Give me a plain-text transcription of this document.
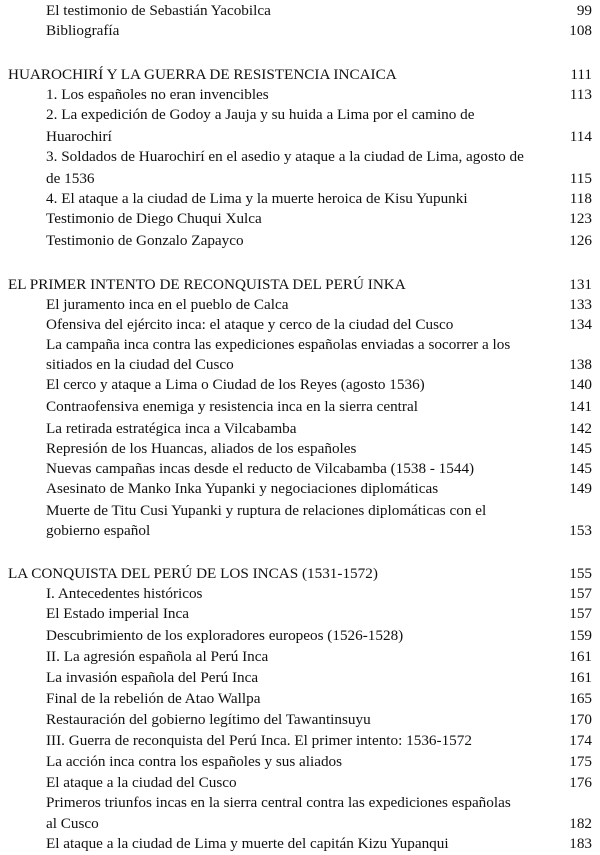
El testimonio de Sebastián Yacobilca	99
Bibliografía	108
HUAROCHIRÍ Y LA GUERRA DE RESISTENCIA INCAICA	111
1. Los españoles no eran invencibles	113
2. La expedición de Godoy a Jauja y su huida a Lima por el camino de
Huarochirí	114
3. Soldados de Huarochirí en el asedio y ataque a la ciudad de Lima, agosto de
de 1536	115
4. El ataque a la ciudad de Lima y la muerte heroica de Kisu Yupunki	118
Testimonio de Diego Chuqui Xulca	123
Testimonio de Gonzalo Zapayco	126
EL PRIMER INTENTO DE RECONQUISTA DEL PERÚ INKA	131
El juramento inca en el pueblo de Calca	133
Ofensiva del ejército inca: el ataque y cerco de la ciudad del Cusco	134
La campaña inca contra las expediciones españolas enviadas a socorrer a los
sitiados en la ciudad del Cusco	138
El cerco y ataque a Lima o Ciudad de los Reyes (agosto 1536)	140
Contraofensiva enemiga y resistencia inca en la sierra central	141
La retirada estratégica inca a Vilcabamba	142
Represión de los Huancas, aliados de los españoles	145
Nuevas campañas incas desde el reducto de Vilcabamba (1538 - 1544)	145
Asesinato de Manko Inka Yupanki y negociaciones diplomáticas	149
Muerte de Titu Cusi Yupanki y ruptura de relaciones diplomáticas con el
gobierno español	153
LA CONQUISTA DEL PERÚ DE LOS INCAS (1531-1572)	155
I. Antecedentes históricos	157
El Estado imperial Inca	157
Descubrimiento de los exploradores europeos (1526-1528)	159
II. La agresión española al Perú Inca	161
La invasión española del Perú Inca	161
Final de la rebelión de Atao Wallpa	165
Restauración del gobierno legítimo del Tawantinsuyu	170
III. Guerra de reconquista del Perú Inca. El primer intento: 1536-1572	174
La acción inca contra los españoles y sus aliados	175
El ataque a la ciudad del Cusco	176
Primeros triunfos incas en la sierra central contra las expediciones españolas
al Cusco	182
El ataque a la ciudad de Lima y muerte del capitán Kizu Yupanqui	183
